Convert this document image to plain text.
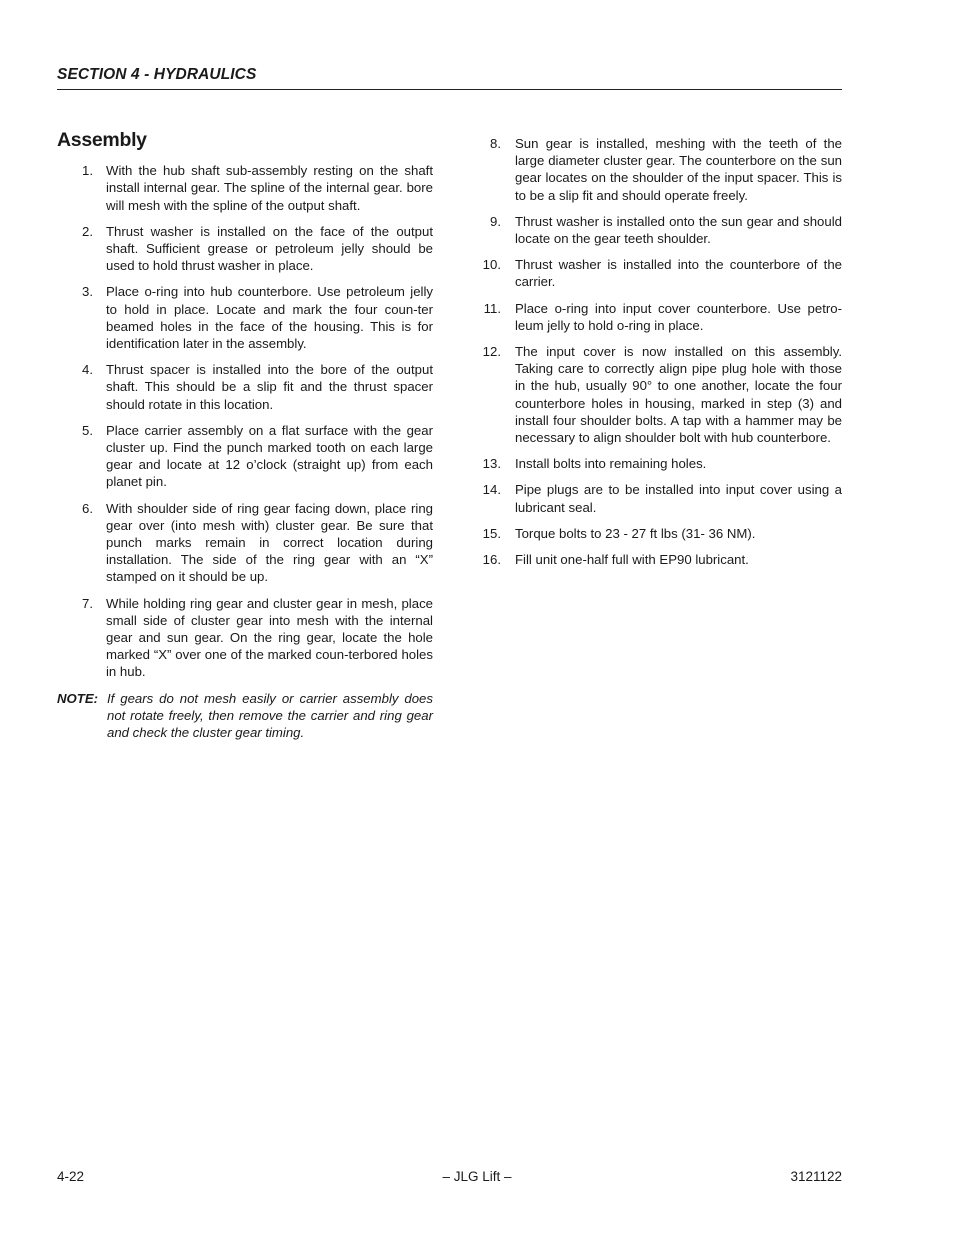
SECTION 4 - HYDRAULICS
Assembly
1. With the hub shaft sub-assembly resting on the shaft install internal gear. The spline of the internal gear. bore will mesh with the spline of the output shaft.
2. Thrust washer is installed on the face of the output shaft. Sufficient grease or petroleum jelly should be used to hold thrust washer in place.
3. Place o-ring into hub counterbore. Use petroleum jelly to hold in place. Locate and mark the four coun-ter beamed holes in the face of the housing. This is for identification later in the assembly.
4. Thrust spacer is installed into the bore of the output shaft. This should be a slip fit and the thrust spacer should rotate in this location.
5. Place carrier assembly on a flat surface with the gear cluster up. Find the punch marked tooth on each large gear and locate at 12 o’clock (straight up) from each planet pin.
6. With shoulder side of ring gear facing down, place ring gear over (into mesh with) cluster gear. Be sure that punch marks remain in correct location during installation. The side of the ring gear with an “X” stamped on it should be up.
7. While holding ring gear and cluster gear in mesh, place small side of cluster gear into mesh with the internal gear and sun gear. On the ring gear, locate the hole marked “X” over one of the marked coun-terbored holes in hub.
NOTE: If gears do not mesh easily or carrier assembly does not rotate freely, then remove the carrier and ring gear and check the cluster gear timing.
8. Sun gear is installed, meshing with the teeth of the large diameter cluster gear. The counterbore on the sun gear locates on the shoulder of the input spacer. This is to be a slip fit and should operate freely.
9. Thrust washer is installed onto the sun gear and should locate on the gear teeth shoulder.
10. Thrust washer is installed into the counterbore of the carrier.
11. Place o-ring into input cover counterbore. Use petro-leum jelly to hold o-ring in place.
12. The input cover is now installed on this assembly. Taking care to correctly align pipe plug hole with those in the hub, usually 90° to one another, locate the four counterbore holes in housing, marked in step (3) and install four shoulder bolts. A tap with a hammer may be necessary to align shoulder bolt with hub counterbore.
13. Install bolts into remaining holes.
14. Pipe plugs are to be installed into input cover using a lubricant seal.
15. Torque bolts to 23 - 27 ft lbs (31- 36 NM).
16. Fill unit one-half full with EP90 lubricant.
4-22	– JLG Lift –	3121122
